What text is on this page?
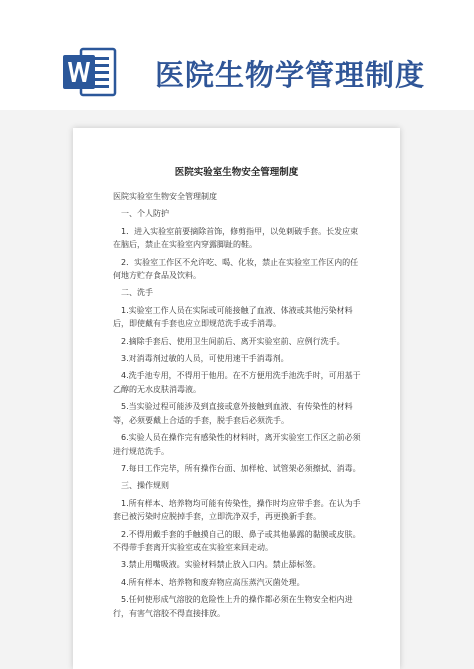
医院生物学管理制度
医院实验室生物安全管理制度

医院实验室生物安全管理制度

一、个人防护

1．进入实验室前要摘除首饰，修剪指甲，以免刺破手套。长发应束在脑后，禁止在实验室内穿露脚趾的鞋。

2．实验室工作区不允许吃、喝、化妆，禁止在实验室工作区内的任何地方贮存食品及饮料。

二、洗手

1.实验室工作人员在实际或可能接触了血液、体液或其他污染材料后，即使戴有手套也应立即规范洗手或手消毒。

2.摘除手套后、使用卫生间前后、离开实验室前、应例行洗手。

3.对消毒剂过敏的人员，可使用速干手消毒剂。

4.洗手池专用，不得用于他用。在不方便用洗手池洗手时，可用基于乙醇的无水皮肤消毒液。

5.当实验过程可能涉及到直接或意外接触到血液、有传染性的材料等，必须要戴上合适的手套，脱手套后必须洗手。

6.实验人员在操作完有感染性的材料时，离开实验室工作区之前必须进行规范洗手。

7.每日工作完毕，所有操作台面、加样枪、试管架必须擦拭、消毒。

三、操作规则

1.所有样本、培养物均可能有传染性，操作时均应带手套。在认为手套已被污染时应脱掉手套，立即洗净双手，再更换新手套。

2.不得用戴手套的手触摸自己的眼、鼻子或其他暴露的黏膜或皮肤。不得带手套离开实验室或在实验室来回走动。

3.禁止用嘴吸液。实验材料禁止放入口内。禁止舔标签。

4.所有样本、培养物和废弃物应高压蒸汽灭菌处理。

5.任何使形成气溶胶的危险性上升的操作都必须在生物安全柜内进行，有害气溶胶不得直接排放。
